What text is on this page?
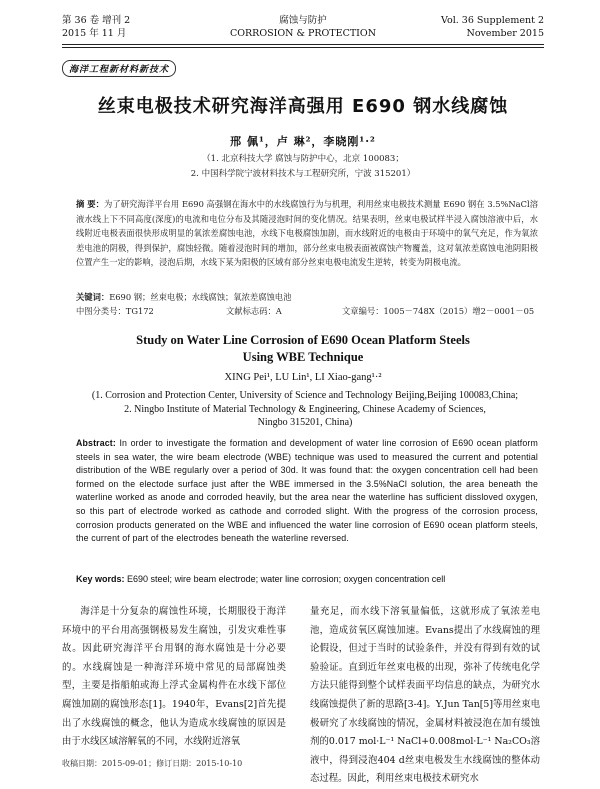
第 36 卷 增刊 2
2015 年 11 月
腐蚀与防护
CORROSION & PROTECTION
Vol. 36 Supplement 2
November 2015
海洋工程新材料新技术
丝束电极技术研究海洋高强用 E690 钢水线腐蚀
邢 佩¹，卢 琳²，李晓刚¹·²
（1. 北京科技大学 腐蚀与防护中心，北京 100083；
2. 中国科学院宁波材料技术与工程研究所，宁波 315201）
摘 要：为了研究海洋平台用 E690 高强钢在海水中的水线腐蚀行为与机理，利用丝束电极技术测量 E690 钢在 3.5%NaCl溶液水线上下不同高度(深度)的电流和电位分布及其随浸泡时间的变化情况。结果表明，丝束电极试样半浸入腐蚀溶液中后，水线附近电极表面很快形成明显的氧浓差腐蚀电池，水线下电极腐蚀加剧，而水线附近的电极由于环境中的氧气充足，作为氧浓差电池的阴极，得到保护，腐蚀轻微。随着浸泡时间的增加，部分丝束电极表面被腐蚀产物覆盖，这对氧浓差腐蚀电池阴阳极位置产生一定的影响，浸泡后期，水线下某为阳极的区域有部分丝束电极电流发生逆转，转变为阴极电流。
关键词：E690 钢；丝束电极；水线腐蚀；氧浓差腐蚀电池
中图分类号：TG172	文献标志码：A	文章编号：1005－748X（2015）增2－0001－05
Study on Water Line Corrosion of E690 Ocean Platform Steels
Using WBE Technique
XING Pei¹, LU Lin¹, LI Xiao-gang¹·²
(1. Corrosion and Protection Center, University of Science and Technology Beijing,Beijing 100083,China;
2. Ningbo Institute of Material Technology & Engineering, Chinese Academy of Sciences,
Ningbo 315201, China)
Abstract: In order to investigate the formation and development of water line corrosion of E690 ocean platform steels in sea water, the wire beam electrode (WBE) technique was used to measured the current and potential distribution of the WBE regularly over a period of 30d. It was found that: the oxygen concentration cell had been formed on the electode surface just after the WBE immersed in the 3.5%NaCl solution, the area beneath the waterline worked as anode and corroded heavily, but the area near the waterline has sufficient dissloved oxygen, so this part of electrode worked as cathode and corroded slight. With the progress of the corrosion process, corrosion products generated on the WBE and influenced the water line corrosion of E690 ocean platform steels, the current of part of the electrodes beneath the waterline reversed.
Key words: E690 steel; wire beam electrode; water line corrosion; oxygen concentration cell
海洋是十分复杂的腐蚀性环境，长期服役于海洋环境中的平台用高强钢极易发生腐蚀，引发灾难性事故。因此研究海洋平台用钢的海水腐蚀是十分必要的。水线腐蚀是一种海洋环境中常见的局部腐蚀类型，主要是指船舶或海上浮式金属构件在水线下部位腐蚀加剧的腐蚀形态[1]。1940年，Evans[2]首先提出了水线腐蚀的概念，他认为造成水线腐蚀的原因是由于水线区域溶解氧的不同，水线附近溶氧
量充足，而水线下溶氧量偏低，这就形成了氧浓差电池，造成贫氧区腐蚀加速。Evans提出了水线腐蚀的理论假设，但过于当时的试验条件，并没有得到有效的试验验证。直到近年丝束电极的出现，弥补了传统电化学方法只能得到整个试样表面平均信息的缺点，为研究水线腐蚀提供了新的思路[3-4]。Y.Jun Tan[5]等用丝束电极研究了水线腐蚀的情况，金属材料被浸泡在加有缓蚀剂的0.017 mol·L⁻¹ NaCl+0.008mol·L⁻¹ Na₂CO₃溶液中，得到浸泡404 d丝束电极发生水线腐蚀的整体动态过程。因此，利用丝束电极技术研究水
收稿日期：2015-09-01；修订日期：2015-10-10
